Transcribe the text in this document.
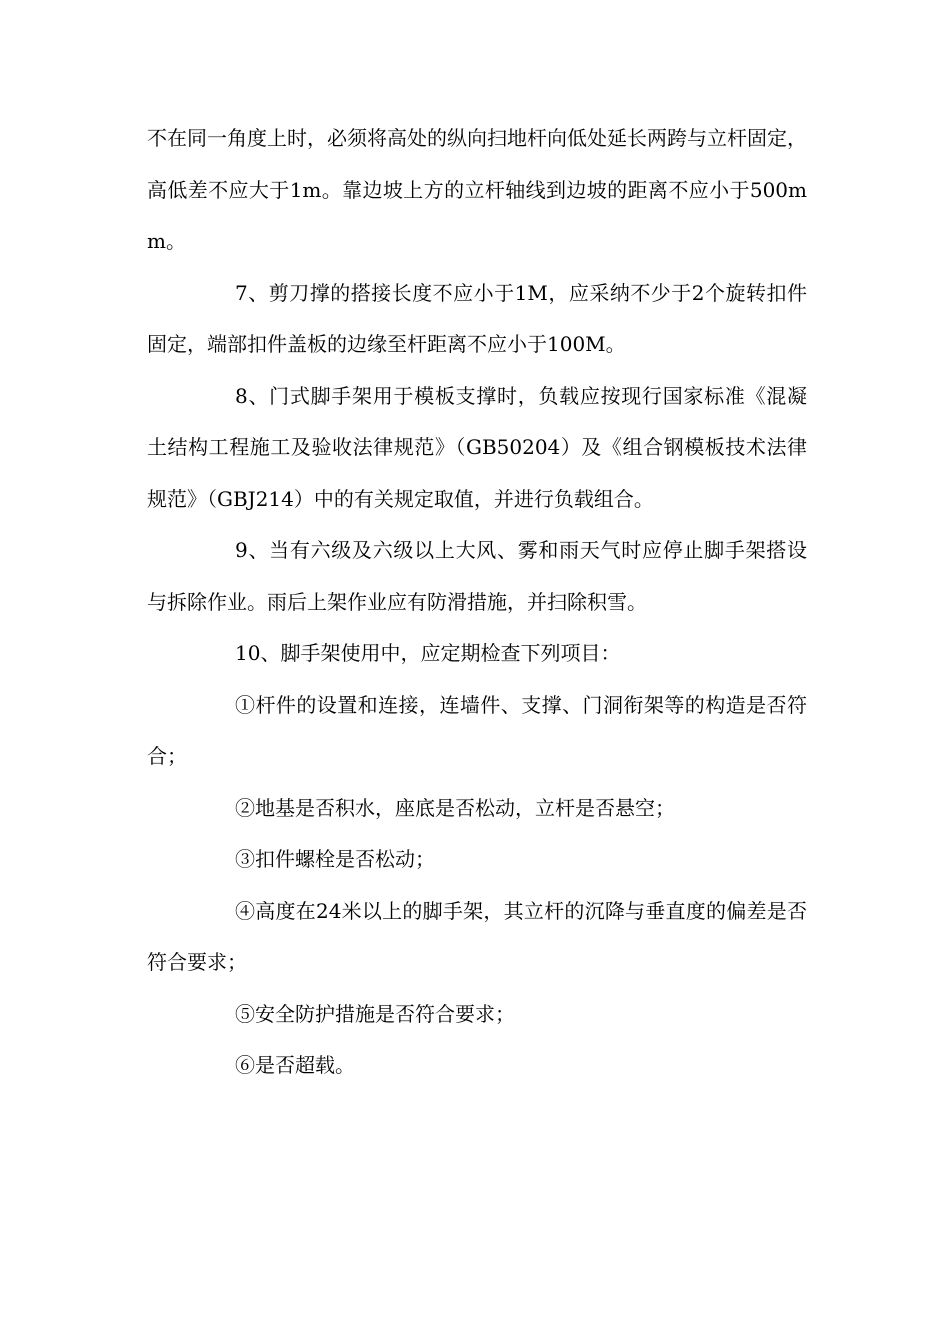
不在同一角度上时，必须将高处的纵向扫地杆向低处延长两跨与立杆固定，高低差不应大于1m。靠边坡上方的立杆轴线到边坡的距离不应小于500mm。

7、剪刀撑的搭接长度不应小于1M，应采纳不少于2个旋转扣件固定，端部扣件盖板的边缘至杆距离不应小于100M。

8、门式脚手架用于模板支撑时，负载应按现行国家标准《混凝土结构工程施工及验收法律规范》（GB50204）及《组合钢模板技术法律规范》（GBJ214）中的有关规定取值，并进行负载组合。

9、当有六级及六级以上大风、雾和雨天气时应停止脚手架搭设与拆除作业。雨后上架作业应有防滑措施，并扫除积雪。

10、脚手架使用中，应定期检查下列项目：

①杆件的设置和连接，连墙件、支撑、门洞衔架等的构造是否符合；

②地基是否积水，座底是否松动，立杆是否悬空；

③扣件螺栓是否松动；

④高度在24米以上的脚手架，其立杆的沉降与垂直度的偏差是否符合要求；

⑤安全防护措施是否符合要求；

⑥是否超载。
